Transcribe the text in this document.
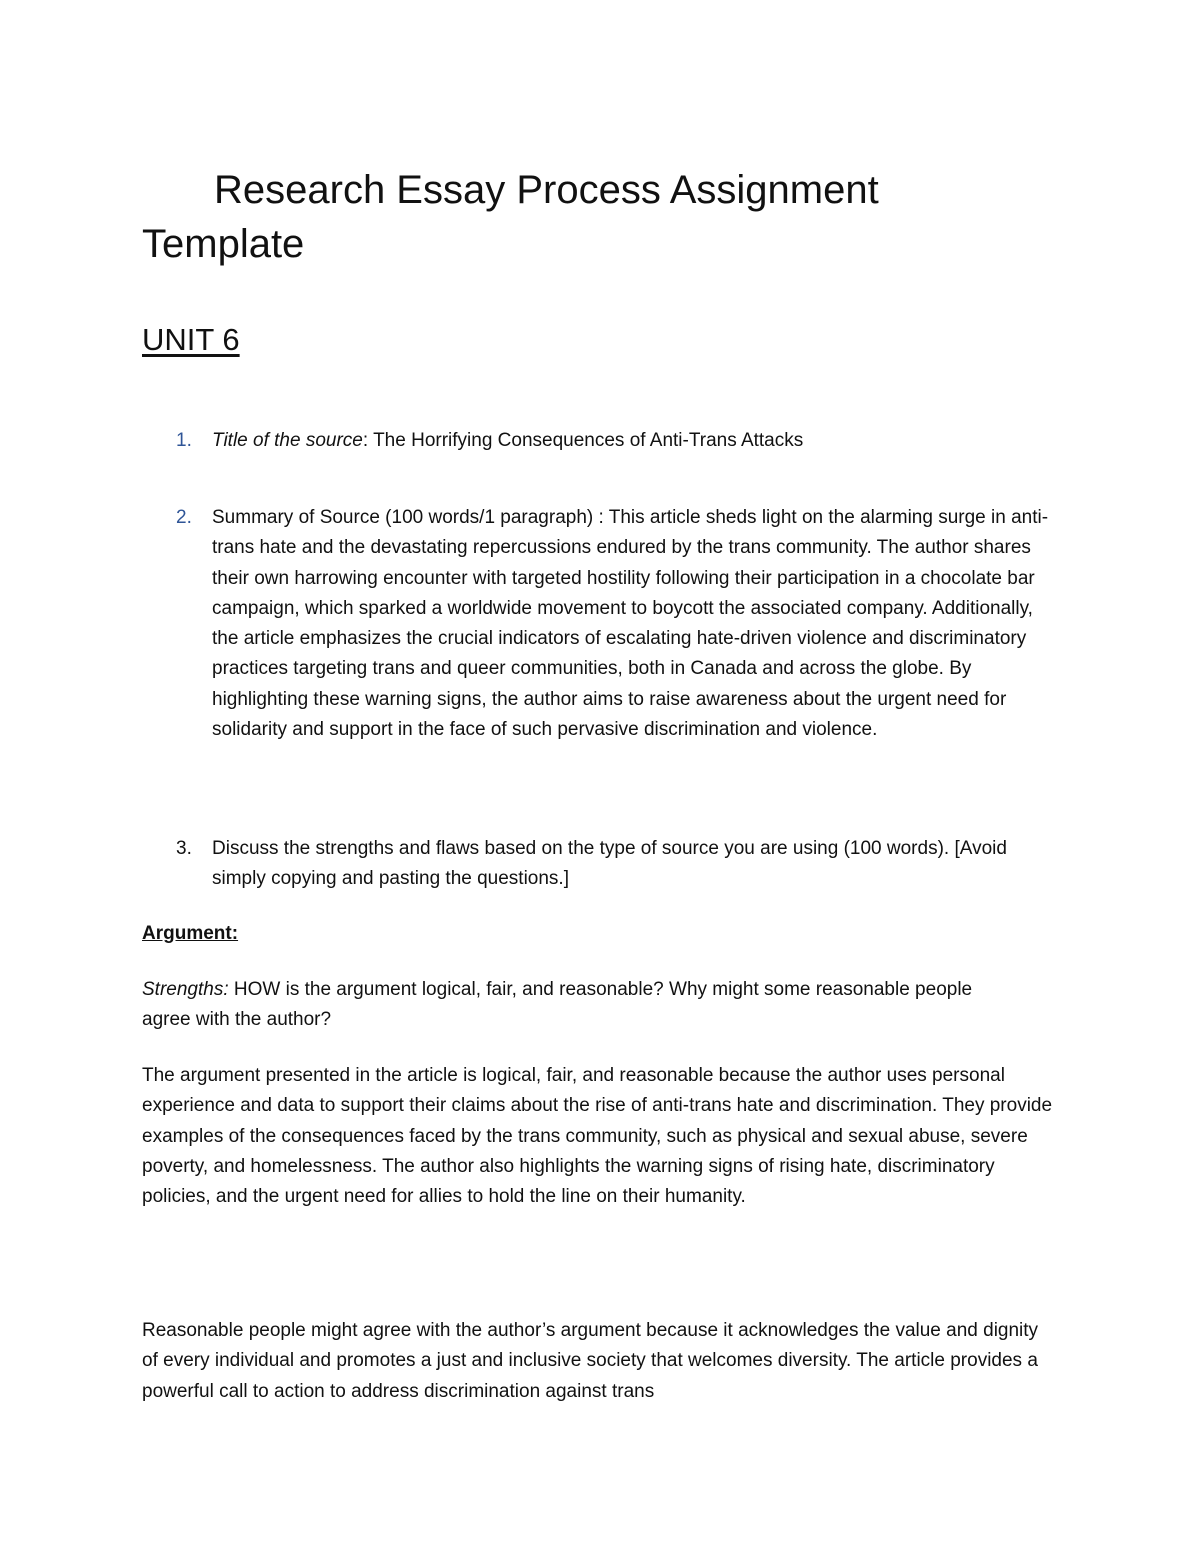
Research Essay Process Assignment
Template
UNIT 6
1.	Title of the source: The Horrifying Consequences of Anti-Trans Attacks
2.	Summary of Source (100 words/1 paragraph) : This article sheds light on the alarming surge in anti-trans hate and the devastating repercussions endured by the trans community. The author shares their own harrowing encounter with targeted hostility following their participation in a chocolate bar campaign, which sparked a worldwide movement to boycott the associated company. Additionally, the article emphasizes the crucial indicators of escalating hate-driven violence and discriminatory practices targeting trans and queer communities, both in Canada and across the globe. By highlighting these warning signs, the author aims to raise awareness about the urgent need for solidarity and support in the face of such pervasive discrimination and violence.
3.	Discuss the strengths and flaws based on the type of source you are using (100 words). [Avoid simply copying and pasting the questions.]

Argument:

Strengths: HOW is the argument logical, fair, and reasonable? Why might some reasonable people agree with the author?

The argument presented in the article is logical, fair, and reasonable because the author uses personal experience and data to support their claims about the rise of anti-trans hate and discrimination. They provide examples of the consequences faced by the trans community, such as physical and sexual abuse, severe poverty, and homelessness. The author also highlights the warning signs of rising hate, discriminatory policies, and the urgent need for allies to hold the line on their humanity.

Reasonable people might agree with the author’s argument because it acknowledges the value and dignity of every individual and promotes a just and inclusive society that welcomes diversity. The article provides a powerful call to action to address discrimination against trans
